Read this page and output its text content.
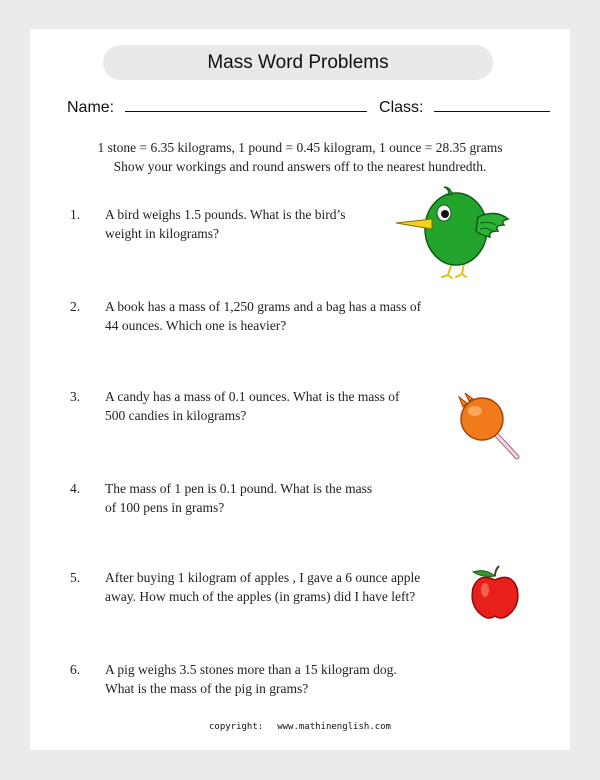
Mass Word Problems
Name:	Class:
1 stone = 6.35 kilograms, 1 pound = 0.45 kilogram, 1 ounce = 28.35 grams
Show your workings and round answers off to the nearest hundredth.
1.	A bird weighs 1.5 pounds. What is the bird’s
weight in kilograms?
2.	A book has a mass of 1,250 grams and a bag has a mass of
44 ounces. Which one is heavier?
3.	A candy has a mass of 0.1 ounces. What is the mass of
500 candies in kilograms?
4.	The mass of 1 pen is 0.1 pound. What is the mass
of 100 pens in grams?
5.	After buying 1 kilogram of apples , I gave a 6 ounce apple
away. How much of the apples (in grams) did I have left?
6.	A pig weighs 3.5 stones more than a 15 kilogram dog.
What is the mass of the pig in grams?
copyright: www.mathinenglish.com
